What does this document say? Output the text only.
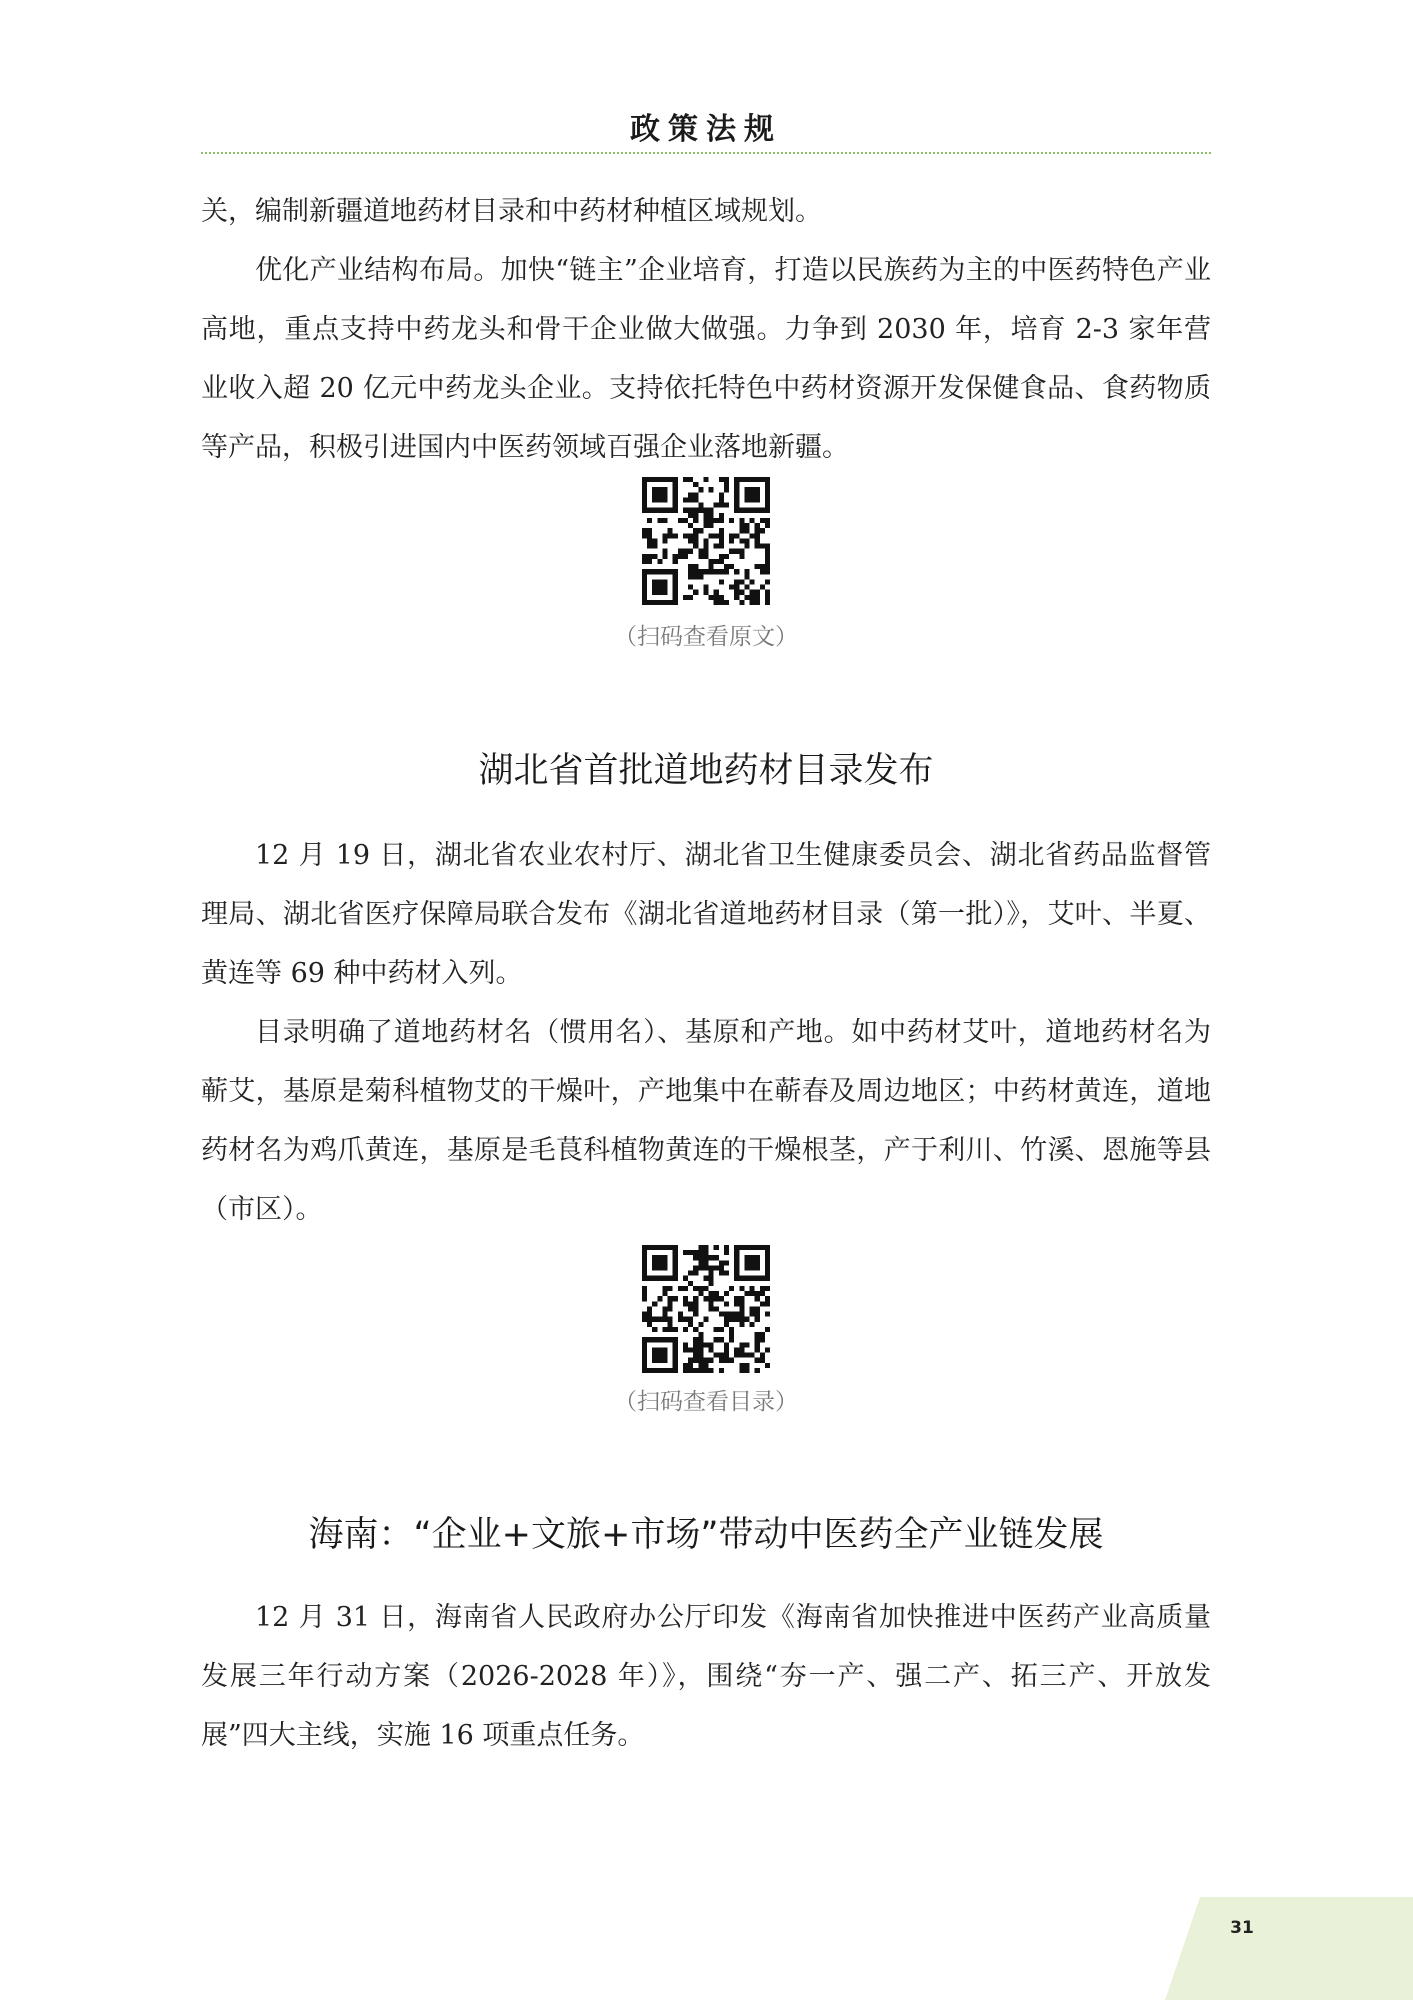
政策法规

关，编制新疆道地药材目录和中药材种植区域规划。

优化产业结构布局。加快“链主”企业培育，打造以民族药为主的中医药特色产业高地，重点支持中药龙头和骨干企业做大做强。力争到 2030 年，培育 2-3 家年营业收入超 20 亿元中药龙头企业。支持依托特色中药材资源开发保健食品、食药物质等产品，积极引进国内中医药领域百强企业落地新疆。

（扫码查看原文）

湖北省首批道地药材目录发布

12 月 19 日，湖北省农业农村厅、湖北省卫生健康委员会、湖北省药品监督管理局、湖北省医疗保障局联合发布《湖北省道地药材目录（第一批）》，艾叶、半夏、黄连等 69 种中药材入列。

目录明确了道地药材名（惯用名）、基原和产地。如中药材艾叶，道地药材名为蕲艾，基原是菊科植物艾的干燥叶，产地集中在蕲春及周边地区；中药材黄连，道地药材名为鸡爪黄连，基原是毛茛科植物黄连的干燥根茎，产于利川、竹溪、恩施等县（市区）。

（扫码查看目录）

海南：“企业+文旅+市场”带动中医药全产业链发展

12 月 31 日，海南省人民政府办公厅印发《海南省加快推进中医药产业高质量发展三年行动方案（2026-2028 年）》，围绕“夯一产、强二产、拓三产、开放发展”四大主线，实施 16 项重点任务。

31
